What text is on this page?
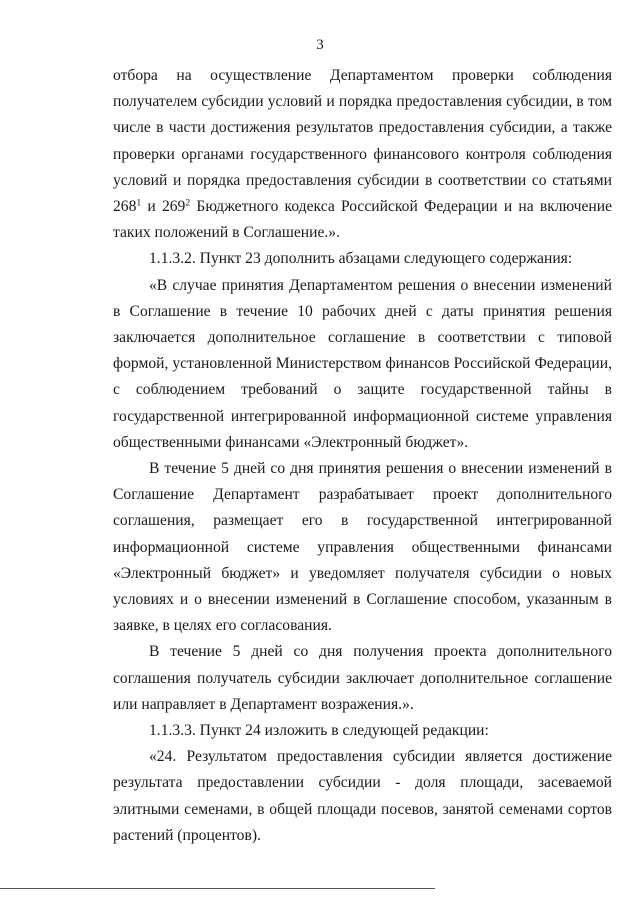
3

отбора на осуществление Департаментом проверки соблюдения получателем субсидии условий и порядка предоставления субсидии, в том числе в части достижения результатов предоставления субсидии, а также проверки органами государственного финансового контроля соблюдения условий и порядка предоставления субсидии в соответствии со статьями $268^1$ и $269^2$ Бюджетного кодекса Российской Федерации и на включение таких положений в Соглашение.».

1.1.3.2. Пункт 23 дополнить абзацами следующего содержания:

«В случае принятия Департаментом решения о внесении изменений в Соглашение в течение 10 рабочих дней с даты принятия решения заключается дополнительное соглашение в соответствии с типовой формой, установленной Министерством финансов Российской Федерации, с соблюдением требований о защите государственной тайны в государственной интегрированной информационной системе управления общественными финансами «Электронный бюджет».

В течение 5 дней со дня принятия решения о внесении изменений в Соглашение Департамент разрабатывает проект дополнительного соглашения, размещает его в государственной интегрированной информационной системе управления общественными финансами «Электронный бюджет» и уведомляет получателя субсидии о новых условиях и о внесении изменений в Соглашение способом, указанным в заявке, в целях его согласования.

В течение 5 дней со дня получения проекта дополнительного соглашения получатель субсидии заключает дополнительное соглашение или направляет в Департамент возражения.».

1.1.3.3. Пункт 24 изложить в следующей редакции:

«24. Результатом предоставления субсидии является достижение результата предоставлении субсидии - доля площади, засеваемой элитными семенами, в общей площади посевов, занятой семенами сортов растений (процентов).
